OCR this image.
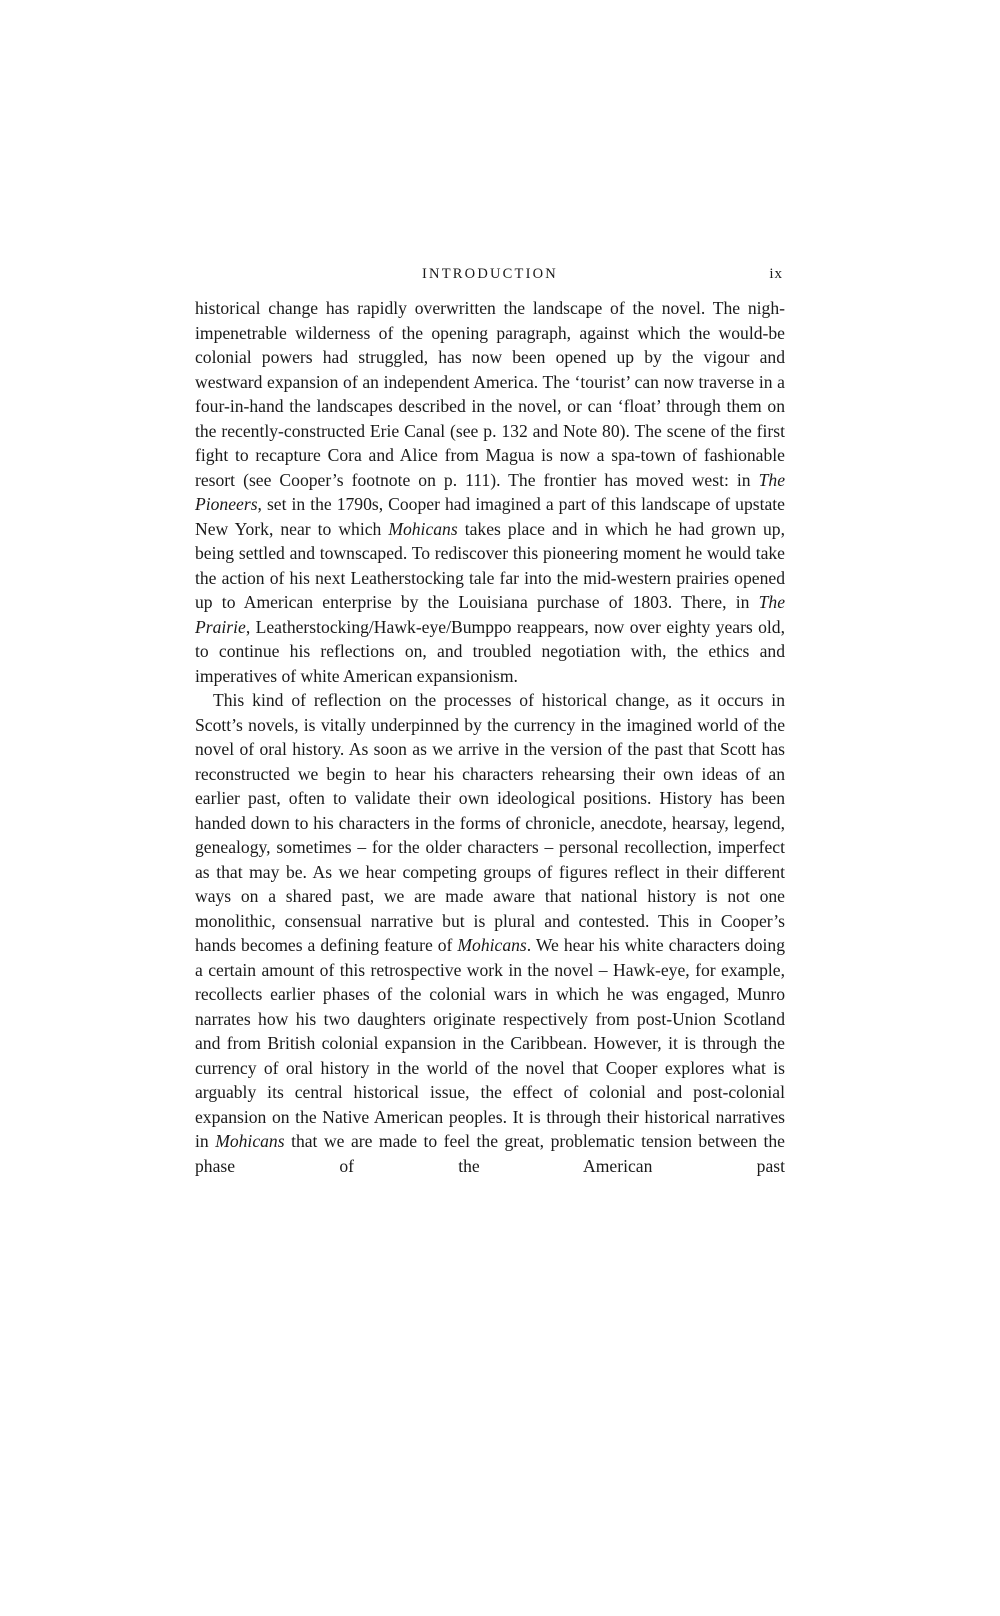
INTRODUCTION	ix

historical change has rapidly overwritten the landscape of the novel. The nigh-impenetrable wilderness of the opening paragraph, against which the would-be colonial powers had struggled, has now been opened up by the vigour and westward expansion of an independent America. The ‘tourist’ can now traverse in a four-in-hand the landscapes described in the novel, or can ‘float’ through them on the recently-constructed Erie Canal (see p. 132 and Note 80). The scene of the first fight to recapture Cora and Alice from Magua is now a spa-town of fashionable resort (see Cooper’s footnote on p. 111). The frontier has moved west: in The Pioneers, set in the 1790s, Cooper had imagined a part of this landscape of upstate New York, near to which Mohicans takes place and in which he had grown up, being settled and townscaped. To rediscover this pioneering moment he would take the action of his next Leatherstocking tale far into the mid-western prairies opened up to American enterprise by the Louisiana purchase of 1803. There, in The Prairie, Leatherstocking/Hawk-eye/Bumppo reappears, now over eighty years old, to continue his reflections on, and troubled negotiation with, the ethics and imperatives of white American expansionism.

This kind of reflection on the processes of historical change, as it occurs in Scott’s novels, is vitally underpinned by the currency in the imagined world of the novel of oral history. As soon as we arrive in the version of the past that Scott has reconstructed we begin to hear his characters rehearsing their own ideas of an earlier past, often to validate their own ideological positions. History has been handed down to his characters in the forms of chronicle, anecdote, hearsay, legend, genealogy, sometimes – for the older characters – personal recollection, imperfect as that may be. As we hear competing groups of figures reflect in their different ways on a shared past, we are made aware that national history is not one monolithic, consensual narrative but is plural and contested. This in Cooper’s hands becomes a defining feature of Mohicans. We hear his white characters doing a certain amount of this retrospective work in the novel – Hawk-eye, for example, recollects earlier phases of the colonial wars in which he was engaged, Munro narrates how his two daughters originate respectively from post-Union Scotland and from British colonial expansion in the Caribbean. However, it is through the currency of oral history in the world of the novel that Cooper explores what is arguably its central historical issue, the effect of colonial and post-colonial expansion on the Native American peoples. It is through their historical narratives in Mohicans that we are made to feel the great, problematic tension between the phase of the American past
